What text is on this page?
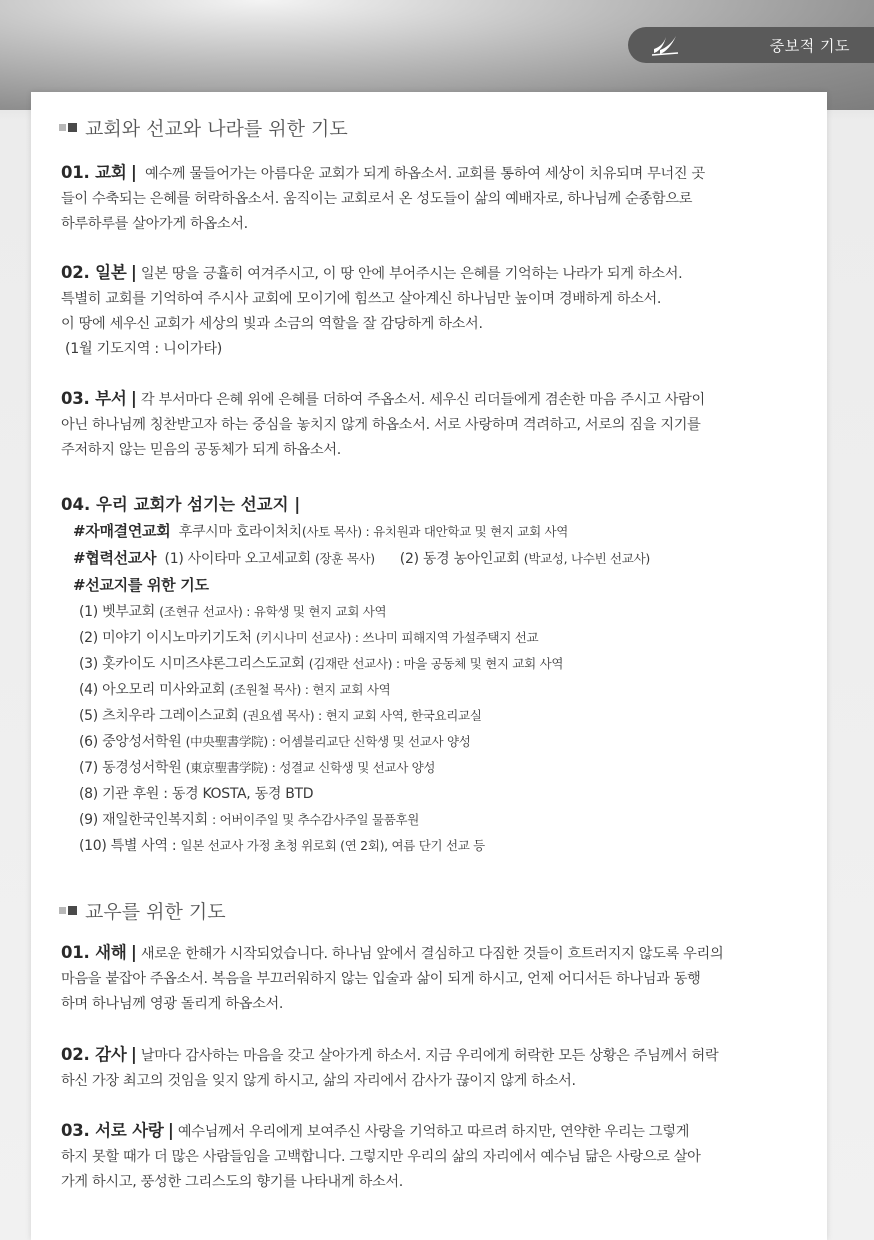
중보적 기도
교회와 선교와 나라를 위한 기도
01. 교회 | 예수께 물들어가는 아름다운 교회가 되게 하옵소서. 교회를 통하여 세상이 치유되며 무너진 곳
들이 수축되는 은혜를 허락하옵소서. 움직이는 교회로서 온 성도들이 삶의 예배자로, 하나님께 순종함으로
하루하루를 살아가게 하옵소서.
02. 일본 | 일본 땅을 긍휼히 여겨주시고, 이 땅 안에 부어주시는 은혜를 기억하는 나라가 되게 하소서.
특별히 교회를 기억하여 주시사 교회에 모이기에 힘쓰고 살아계신 하나님만 높이며 경배하게 하소서.
이 땅에 세우신 교회가 세상의 빛과 소금의 역할을 잘 감당하게 하소서.
(1월 기도지역 : 니이가타)
03. 부서 | 각 부서마다 은혜 위에 은혜를 더하여 주옵소서. 세우신 리더들에게 겸손한 마음 주시고 사람이
아닌 하나님께 칭찬받고자 하는 중심을 놓치지 않게 하옵소서. 서로 사랑하며 격려하고, 서로의 짐을 지기를
주저하지 않는 믿음의 공동체가 되게 하옵소서.
04. 우리 교회가 섬기는 선교지 |
#자매결연교회 후쿠시마 호라이처치(사토 목사) : 유치원과 대안학교 및 현지 교회 사역
#협력선교사 (1) 사이타마 오고세교회 (장훈 목사) (2) 동경 농아인교회 (박교성, 나수빈 선교사)
#선교지를 위한 기도
(1) 벳부교회 (조현규 선교사) : 유학생 및 현지 교회 사역
(2) 미야기 이시노마키기도처 (키시나미 선교사) : 쓰나미 피해지역 가설주택지 선교
(3) 홋카이도 시미즈샤론그리스도교회 (김재란 선교사) : 마을 공동체 및 현지 교회 사역
(4) 아오모리 미사와교회 (조원철 목사) : 현지 교회 사역
(5) 츠치우라 그레이스교회 (권요셉 목사) : 현지 교회 사역, 한국요리교실
(6) 중앙성서학원 (中央聖書学院) : 어셈블리교단 신학생 및 선교사 양성
(7) 동경성서학원 (東京聖書学院) : 성결교 신학생 및 선교사 양성
(8) 기관 후원 : 동경 KOSTA, 동경 BTD
(9) 재일한국인복지회 : 어버이주일 및 추수감사주일 물품후원
(10) 특별 사역 : 일본 선교사 가정 초청 위로회 (연 2회), 여름 단기 선교 등
교우를 위한 기도
01. 새해 | 새로운 한해가 시작되었습니다. 하나님 앞에서 결심하고 다짐한 것들이 흐트러지지 않도록 우리의
마음을 붙잡아 주옵소서. 복음을 부끄러워하지 않는 입술과 삶이 되게 하시고, 언제 어디서든 하나님과 동행
하며 하나님께 영광 돌리게 하옵소서.
02. 감사 | 날마다 감사하는 마음을 갖고 살아가게 하소서. 지금 우리에게 허락한 모든 상황은 주님께서 허락
하신 가장 최고의 것임을 잊지 않게 하시고, 삶의 자리에서 감사가 끊이지 않게 하소서.
03. 서로 사랑 | 예수님께서 우리에게 보여주신 사랑을 기억하고 따르려 하지만, 연약한 우리는 그렇게
하지 못할 때가 더 많은 사람들임을 고백합니다. 그렇지만 우리의 삶의 자리에서 예수님 닮은 사랑으로 살아
가게 하시고, 풍성한 그리스도의 향기를 나타내게 하소서.
